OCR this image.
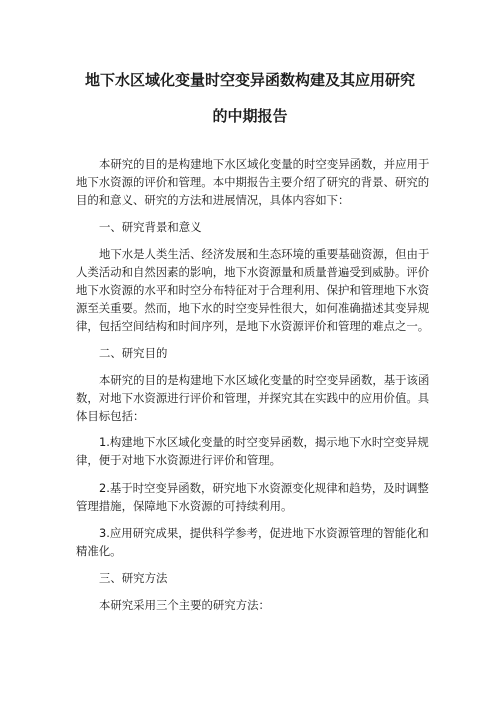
地下水区域化变量时空变异函数构建及其应用研究
的中期报告

本研究的目的是构建地下水区域化变量的时空变异函数，并应用于

地下水资源的评价和管理。本中期报告主要介绍了研究的背景、研究的

目的和意义、研究的方法和进展情况，具体内容如下：

一、研究背景和意义

地下水是人类生活、经济发展和生态环境的重要基础资源，但由于

人类活动和自然因素的影响，地下水资源量和质量普遍受到威胁。评价

地下水资源的水平和时空分布特征对于合理利用、保护和管理地下水资

源至关重要。然而，地下水的时空变异性很大，如何准确描述其变异规

律，包括空间结构和时间序列，是地下水资源评价和管理的难点之一。

二、研究目的

本研究的目的是构建地下水区域化变量的时空变异函数，基于该函

数，对地下水资源进行评价和管理，并探究其在实践中的应用价值。具

体目标包括：

1.构建地下水区域化变量的时空变异函数，揭示地下水时空变异规

律，便于对地下水资源进行评价和管理。

2.基于时空变异函数，研究地下水资源变化规律和趋势，及时调整

管理措施，保障地下水资源的可持续利用。

3.应用研究成果，提供科学参考，促进地下水资源管理的智能化和

精准化。

三、研究方法

本研究采用三个主要的研究方法：
